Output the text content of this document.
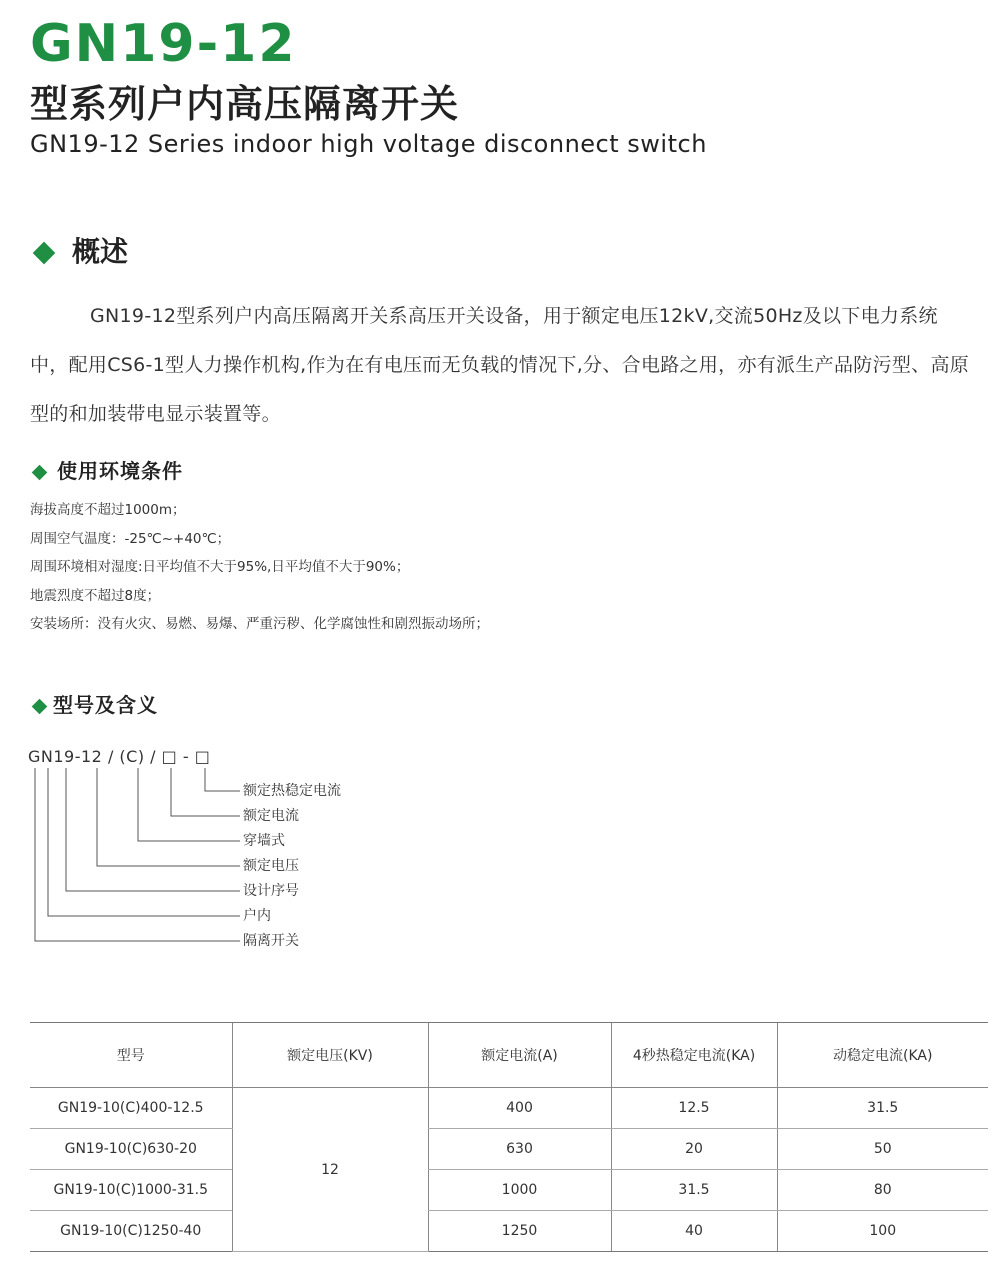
GN19-12
型系列户内高压隔离开关
GN19-12 Series indoor high voltage disconnect switch
概述
GN19-12型系列户内高压隔离开关系高压开关设备，用于额定电压12kV,交流50Hz及以下电力系统中，配用CS6-1型人力操作机构,作为在有电压而无负载的情况下,分、合电路之用，亦有派生产品防污型、高原型的和加装带电显示装置等。
使用环境条件
海拔高度不超过1000m；
周围空气温度：-25℃~+40℃；
周围环境相对湿度:日平均值不大于95%,日平均值不大于90%；
地震烈度不超过8度；
安装场所：没有火灾、易燃、易爆、严重污秽、化学腐蚀性和剧烈振动场所；
型号及含义
GN19-12 / (C) / □ - □
额定热稳定电流
额定电流
穿墙式
额定电压
设计序号
户内
隔离开关
型号	额定电压(KV)	额定电流(A)	4秒热稳定电流(KA)	动稳定电流(KA)
GN19-10(C)400-12.5	12	400	12.5	31.5
GN19-10(C)630-20		630	20	50
GN19-10(C)1000-31.5		1000	31.5	80
GN19-10(C)1250-40		1250	40	100
